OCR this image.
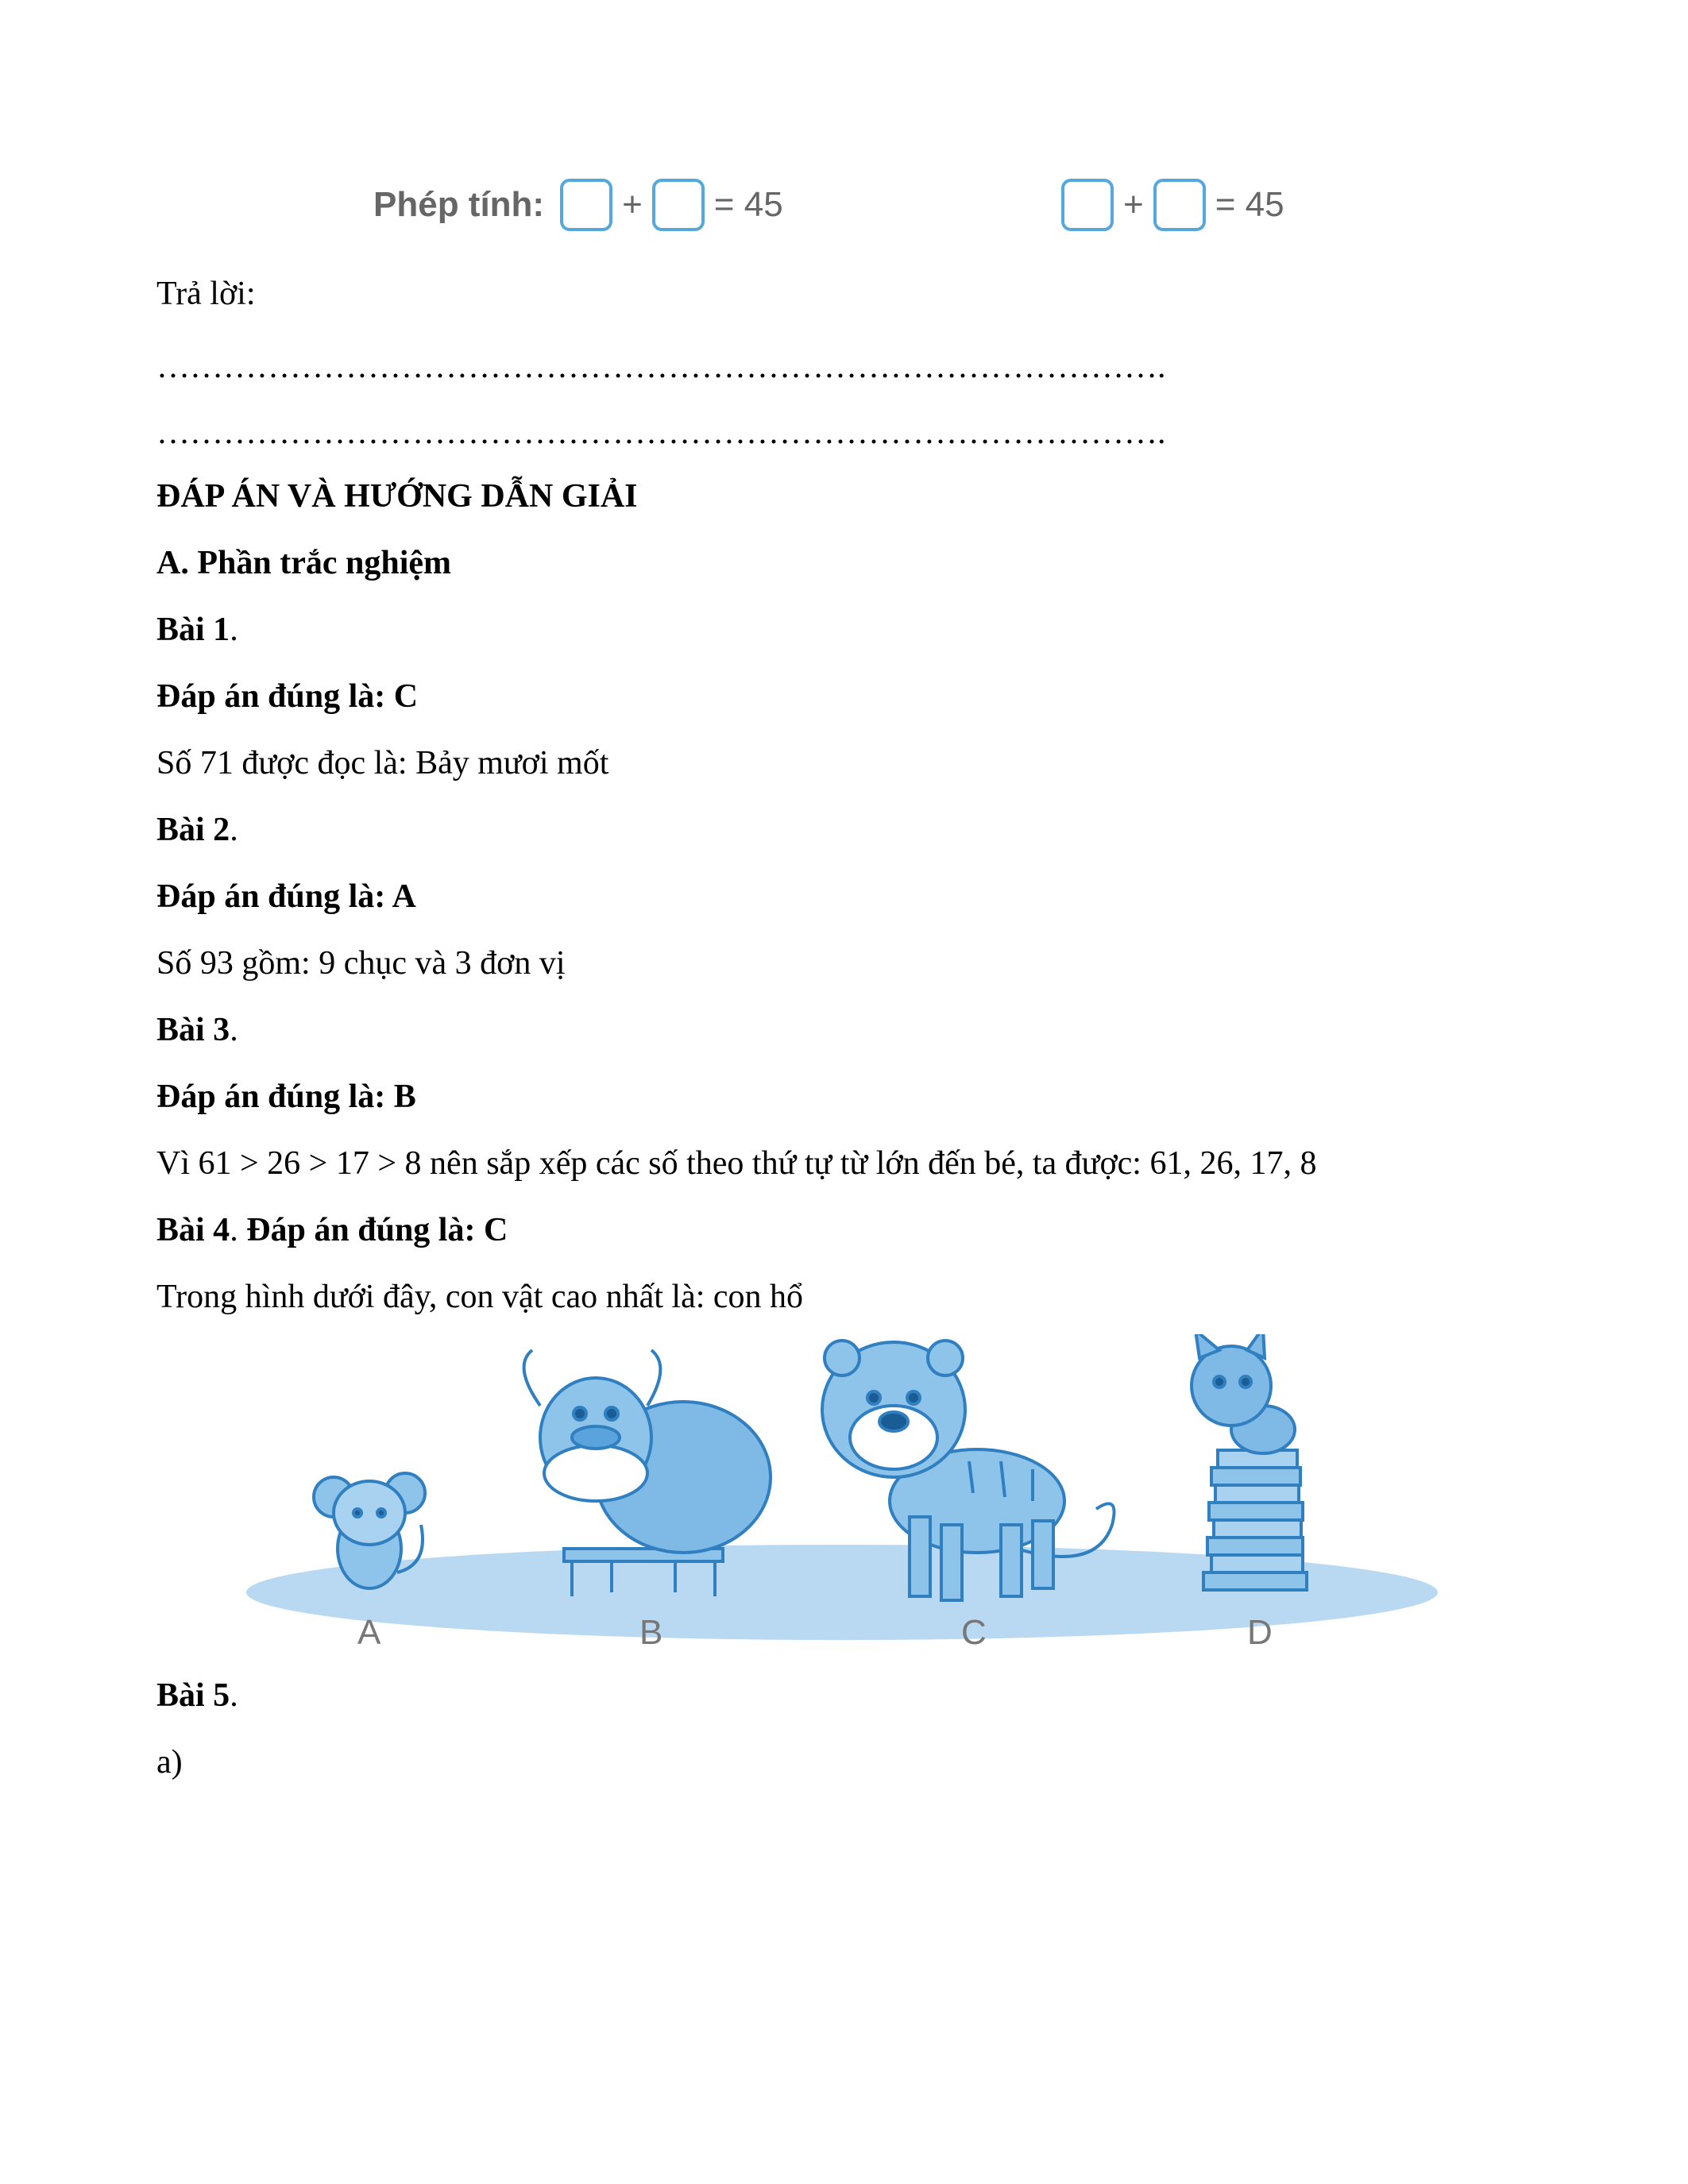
Phép tính: + = 45	+ = 45
Trả lời:
……………………………………………………………………………….
……………………………………………………………………………….
ĐÁP ÁN VÀ HƯỚNG DẪN GIẢI
A. Phần trắc nghiệm
Bài 1.
Đáp án đúng là: C
Số 71 được đọc là: Bảy mươi mốt
Bài 2.
Đáp án đúng là: A
Số 93 gồm: 9 chục và 3 đơn vị
Bài 3.
Đáp án đúng là: B
Vì 61 > 26 > 17 > 8 nên sắp xếp các số theo thứ tự từ lớn đến bé, ta được: 61, 26, 17, 8
Bài 4. Đáp án đúng là: C
Trong hình dưới đây, con vật cao nhất là: con hổ
A	B	C	D
Bài 5.
a)
